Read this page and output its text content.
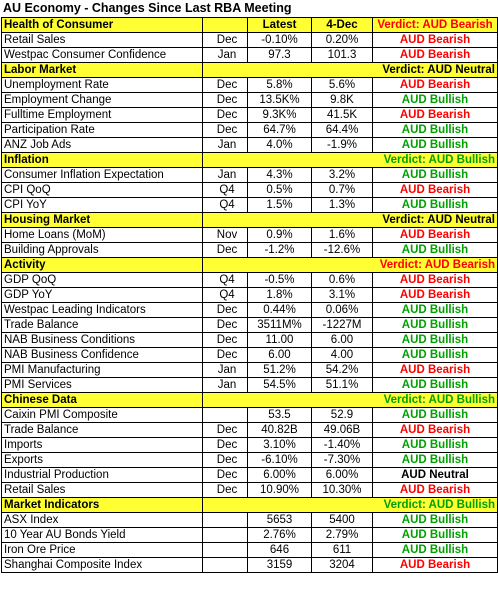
AU Economy - Changes Since Last RBA Meeting
Health of Consumer		Latest	4-Dec	Verdict: AUD Bearish
Retail Sales	Dec	-0.10%	0.20%	AUD Bearish
Westpac Consumer Confidence	Jan	97.3	101.3	AUD Bearish
Labor Market				Verdict: AUD Neutral
Unemployment Rate	Dec	5.8%	5.6%	AUD Bearish
Employment Change	Dec	13.5K%	9.8K	AUD Bullish
Fulltime Employment	Dec	9.3K%	41.5K	AUD Bearish
Participation Rate	Dec	64.7%	64.4%	AUD Bullish
ANZ Job Ads	Jan	4.0%	-1.9%	AUD Bullish
Inflation				Verdict: AUD Bullish
Consumer Inflation Expectation	Jan	4.3%	3.2%	AUD Bullish
CPI QoQ	Q4	0.5%	0.7%	AUD Bearish
CPI YoY	Q4	1.5%	1.3%	AUD Bullish
Housing Market				Verdict: AUD Neutral
Home Loans (MoM)	Nov	0.9%	1.6%	AUD Bearish
Building Approvals	Dec	-1.2%	-12.6%	AUD Bullish
Activity				Verdict: AUD Bearish
GDP QoQ	Q4	-0.5%	0.6%	AUD Bearish
GDP YoY	Q4	1.8%	3.1%	AUD Bearish
Westpac Leading Indicators	Dec	0.44%	0.06%	AUD Bullish
Trade Balance	Dec	3511M%	-1227M	AUD Bullish
NAB Business Conditions	Dec	11.00	6.00	AUD Bullish
NAB Business Confidence	Dec	6.00	4.00	AUD Bullish
PMI Manufacturing	Jan	51.2%	54.2%	AUD Bearish
PMI Services	Jan	54.5%	51.1%	AUD Bullish
Chinese Data				Verdict: AUD Bullish
Caixin PMI Composite		53.5	52.9	AUD Bullish
Trade Balance	Dec	40.82B	49.06B	AUD Bearish
Imports	Dec	3.10%	-1.40%	AUD Bullish
Exports	Dec	-6.10%	-7.30%	AUD Bullish
Industrial Production	Dec	6.00%	6.00%	AUD Neutral
Retail Sales	Dec	10.90%	10.30%	AUD Bearish
Market Indicators				Verdict: AUD Bullish
ASX Index		5653	5400	AUD Bullish
10 Year AU Bonds Yield		2.76%	2.79%	AUD Bullish
Iron Ore Price		646	611	AUD Bullish
Shanghai Composite Index		3159	3204	AUD Bearish
